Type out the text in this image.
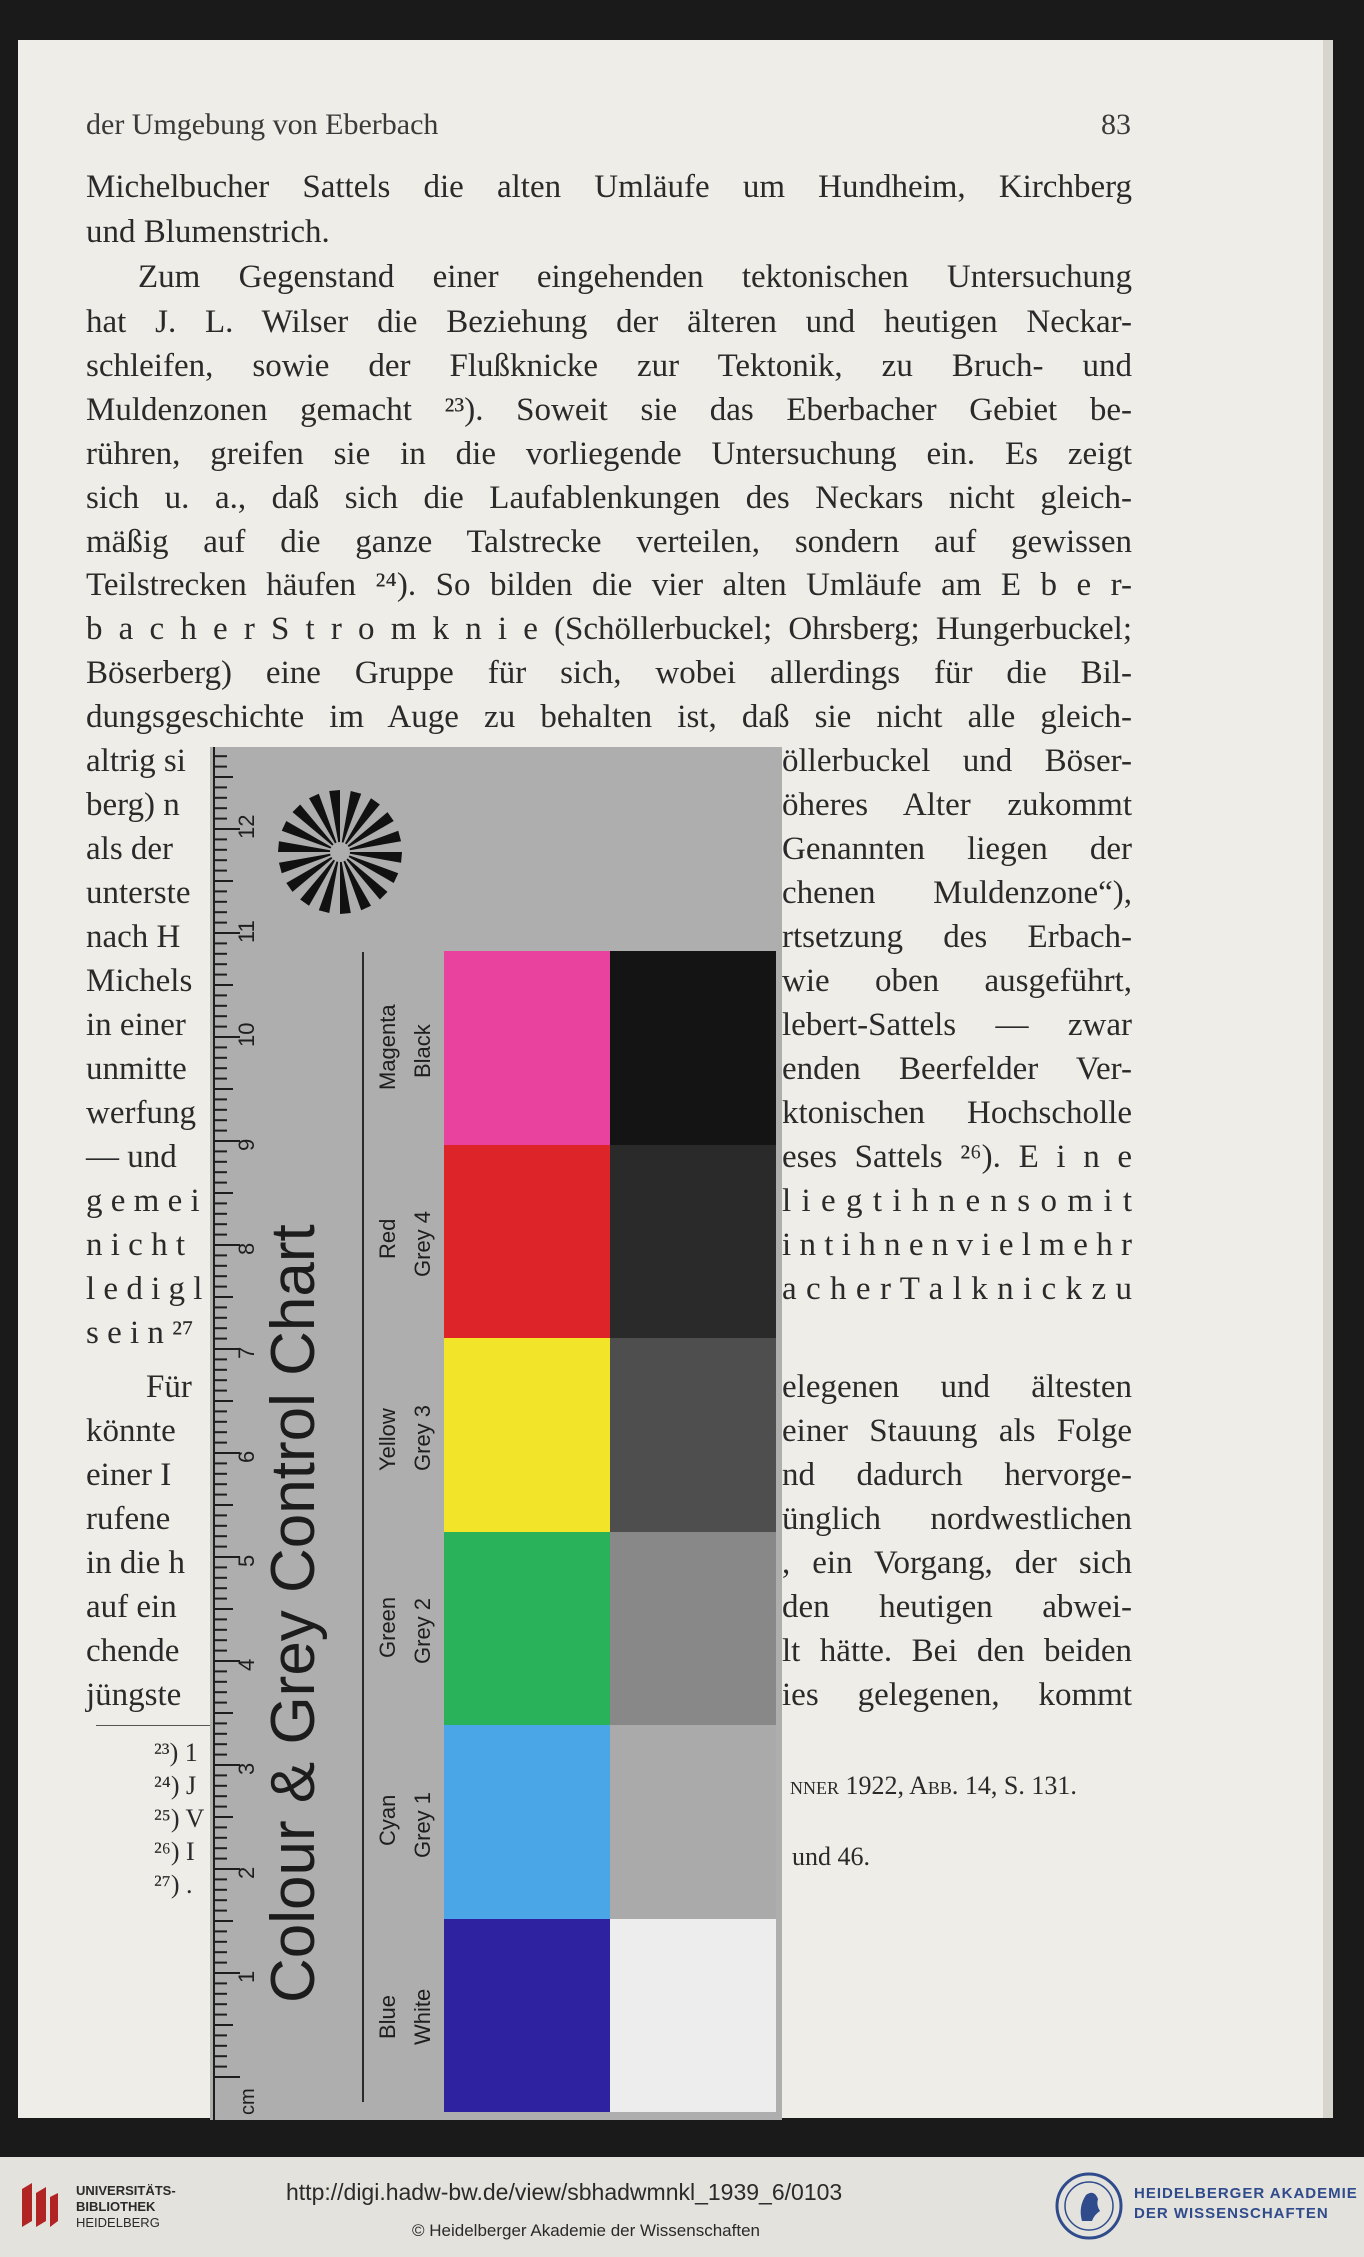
der Umgebung von Eberbach	83
Michelbucher Sattels die alten Umläufe um Hundheim, Kirchberg
und Blumenstrich.
Zum Gegenstand einer eingehenden tektonischen Untersuchung
hat J. L. Wilser die Beziehung der älteren und heutigen Neckar-
schleifen, sowie der Flußknicke zur Tektonik, zu Bruch- und
Muldenzonen gemacht ²³). Soweit sie das Eberbacher Gebiet be-
rühren, greifen sie in die vorliegende Untersuchung ein. Es zeigt
sich u. a., daß sich die Laufablenkungen des Neckars nicht gleich-
mäßig auf die ganze Talstrecke verteilen, sondern auf gewissen
Teilstrecken häufen ²⁴). So bilden die vier alten Umläufe am E b e r-
b a c h e r S t r o m k n i e (Schöllerbuckel; Ohrsberg; Hungerbuckel;
Böserberg) eine Gruppe für sich, wobei allerdings für die Bil-
dungsgeschichte im Auge zu behalten ist, daß sie nicht alle gleich-
altrig si
berg) n
als der
unterste
nach H
Michels
in einer
unmitte
werfung
— und
g e m e i
n i c h t
l e d i g l
s e i n ²⁷
Für
könnte
einer I
rufene
in die h
auf ein
chende
jüngste
öllerbuckel und Böser-
öheres Alter zukommt
Genannten liegen der
chenen Muldenzone“),
rtsetzung des Erbach-
wie oben ausgeführt,
lebert-Sattels — zwar
enden Beerfelder Ver-
ktonischen Hochscholle
eses Sattels ²⁶). E i n e
l i e g t i h n e n s o m i t
i n t i h n e n v i e l m e h r
a c h e r T a l k n i c k z u
elegenen und ältesten
einer Stauung als Folge
nd dadurch hervorge-
ünglich nordwestlichen
, ein Vorgang, der sich
den heutigen abwei-
lt hätte. Bei den beiden
ies gelegenen, kommt
²³) 1
²⁴) J
²⁵) V
²⁶) I
²⁷) .
nner 1922, Abb. 14, S. 131.
und 46.
1
2
3
4
5
6
7
8
9
10
11
12
cm
Colour & Grey Control Chart
Blue White
Cyan Grey 1
Green Grey 2
Yellow Grey 3
Red Grey 4
Magenta Black
UNIVERSITÄTS-
BIBLIOTHEK
HEIDELBERG
http://digi.hadw-bw.de/view/sbhadwmnkl_1939_6/0103
© Heidelberger Akademie der Wissenschaften
HEIDELBERGER AKADEMIE
DER WISSENSCHAFTEN
